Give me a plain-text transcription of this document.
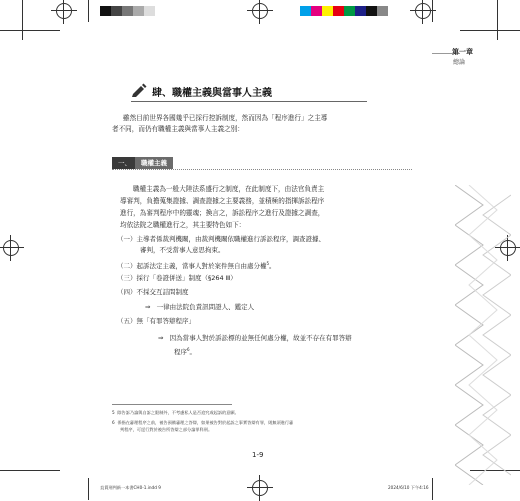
第一章
總論
肆、職權主義與當事人主義
雖然目前世界各國幾乎已採行控訴制度，然而因為「程序進行」之主導
者不同，而仍有職權主義與當事人主義之別：
一、	職權主義
職權主義為一般大陸法系盛行之制度，在此制度下，由法官負責主
導審判，負擔蒐集證據、調查證據之主要義務，並積極的指揮訴訟程序
進行，為審判程序中的靈魂；換言之，訴訟程序之進行及證據之調查，
均依法院之職權進行之，其主要特色如下：
（一）主導者係裁判機關，由裁判機關依職權進行訴訟程序，調查證據、
審判，不受當事人意思拘束。
（二）起訴法定主義，當事人對於案件無自由處分權$^5$。
（三）採行「卷證併送」制度（§264 Ⅲ）
（四）不採交互詰問制度
⇒ 一律由法院負責訊問證人、鑑定人
（五）無「有罪答辯程序」
⇒ 因為當事人對於訴訟標的並無任何處分權，故並不存在有罪答辯
程序$^6$。
5 除告訴乃論與自訴之限制外，不考慮私人是否追究或起訴的意願。
6 係指在審理程序之前，被告預備審理之答辯，如果被告對於起訴之事實答辯有罪，則無須進行審
判程序，可逕行對於被告所答辯之部分論罪科刑。
1-9
直貫刑判新一本書CH0-1.indd 9	2024/6/10 下午4:16
